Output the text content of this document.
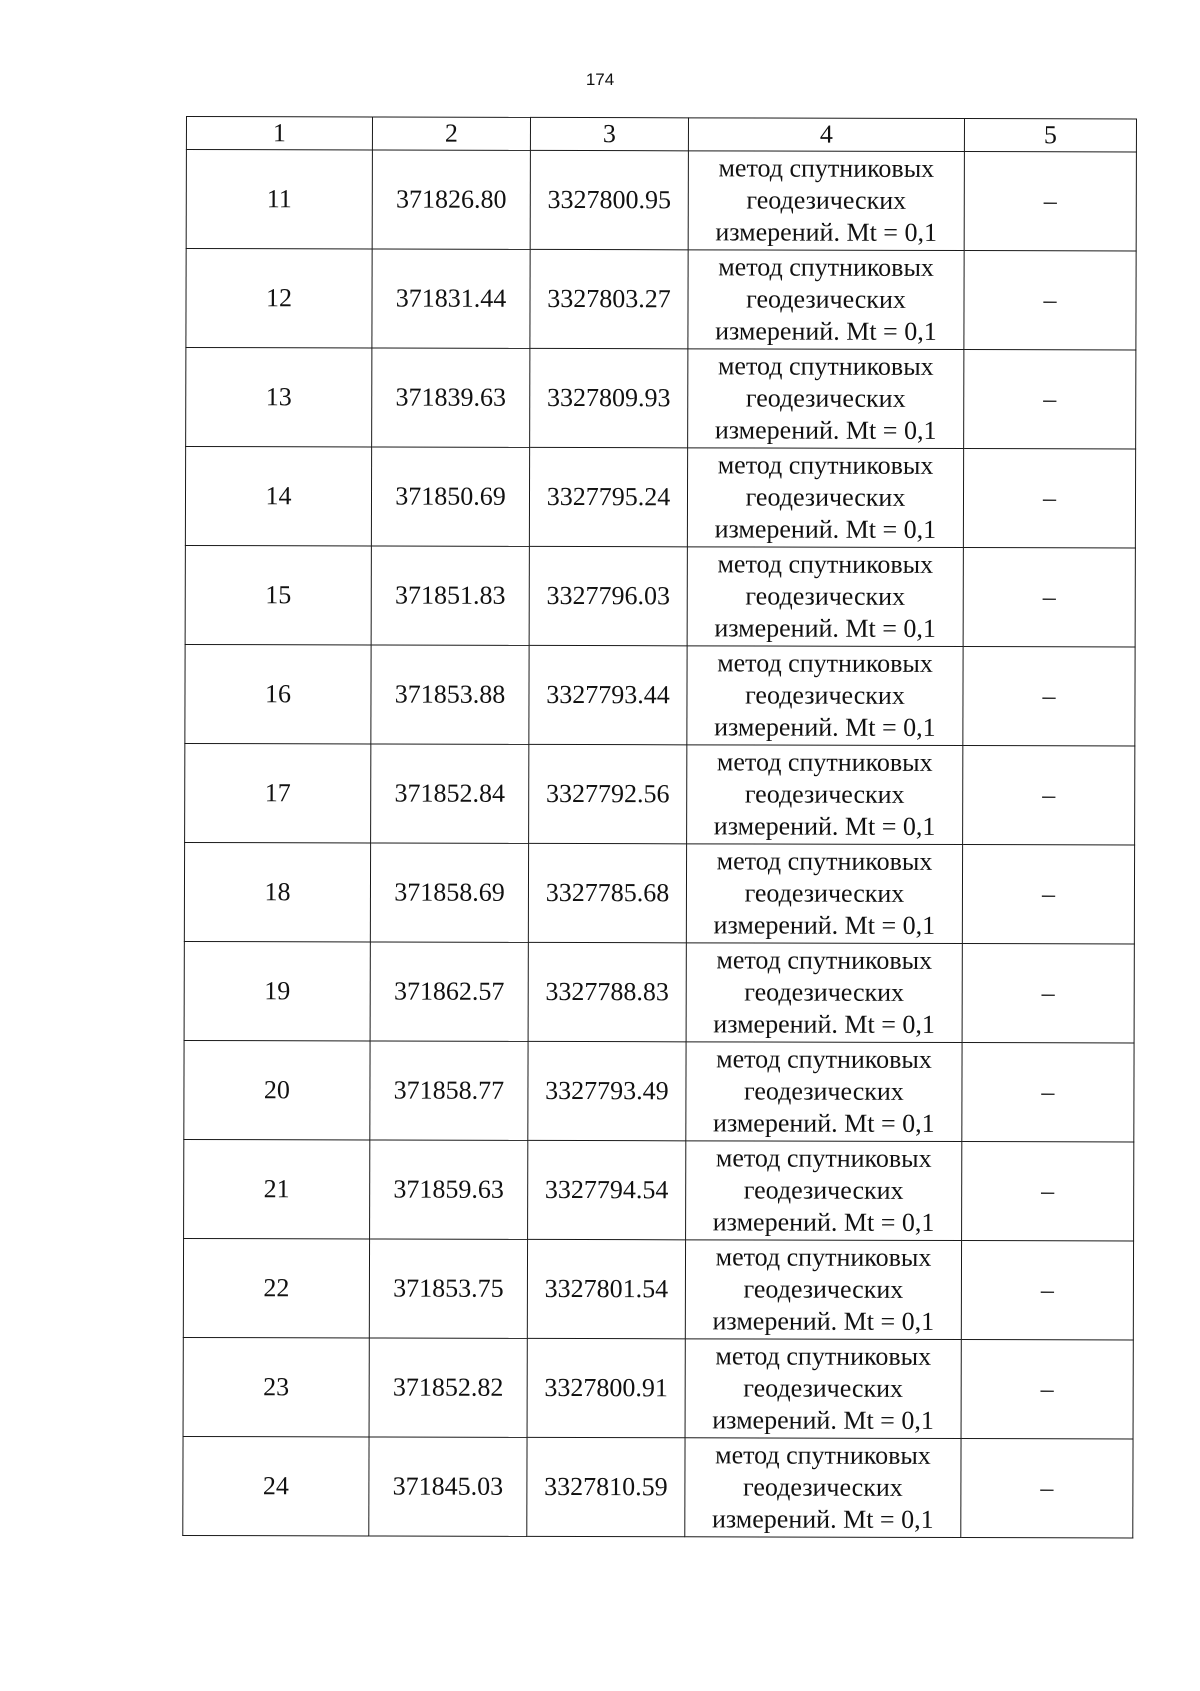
174
1	2	3	4	5
11	371826.80	3327800.95	метод спутниковых
геодезических
измерений. Mt = 0,1	–
12	371831.44	3327803.27	метод спутниковых
геодезических
измерений. Mt = 0,1	–
13	371839.63	3327809.93	метод спутниковых
геодезических
измерений. Mt = 0,1	–
14	371850.69	3327795.24	метод спутниковых
геодезических
измерений. Mt = 0,1	–
15	371851.83	3327796.03	метод спутниковых
геодезических
измерений. Mt = 0,1	–
16	371853.88	3327793.44	метод спутниковых
геодезических
измерений. Mt = 0,1	–
17	371852.84	3327792.56	метод спутниковых
геодезических
измерений. Mt = 0,1	–
18	371858.69	3327785.68	метод спутниковых
геодезических
измерений. Mt = 0,1	–
19	371862.57	3327788.83	метод спутниковых
геодезических
измерений. Mt = 0,1	–
20	371858.77	3327793.49	метод спутниковых
геодезических
измерений. Mt = 0,1	–
21	371859.63	3327794.54	метод спутниковых
геодезических
измерений. Mt = 0,1	–
22	371853.75	3327801.54	метод спутниковых
геодезических
измерений. Mt = 0,1	–
23	371852.82	3327800.91	метод спутниковых
геодезических
измерений. Mt = 0,1	–
24	371845.03	3327810.59	метод спутниковых
геодезических
измерений. Mt = 0,1	–
